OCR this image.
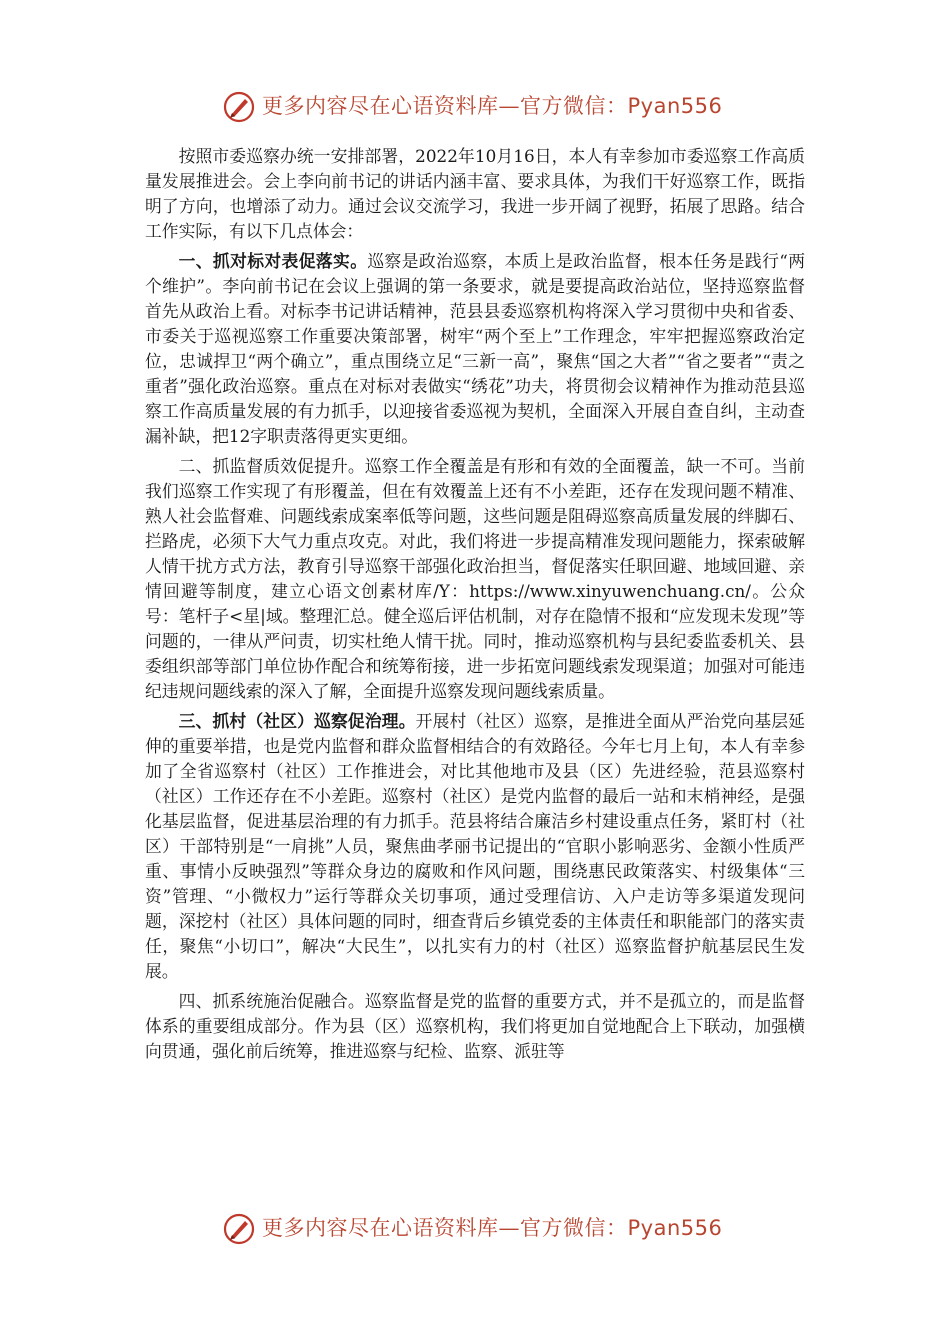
更多内容尽在心语资料库—官方微信：Pyan556

按照市委巡察办统一安排部署，2022年10月16日，本人有幸参加市委巡察工作高质量发展推进会。会上李向前书记的讲话内涵丰富、要求具体，为我们干好巡察工作，既指明了方向，也增添了动力。通过会议交流学习，我进一步开阔了视野，拓展了思路。结合工作实际，有以下几点体会：

一、抓对标对表促落实。巡察是政治巡察，本质上是政治监督，根本任务是践行“两个维护”。李向前书记在会议上强调的第一条要求，就是要提高政治站位，坚持巡察监督首先从政治上看。对标李书记讲话精神，范县县委巡察机构将深入学习贯彻中央和省委、市委关于巡视巡察工作重要决策部署，树牢“两个至上”工作理念，牢牢把握巡察政治定位，忠诚捍卫“两个确立”，重点围绕立足“三新一高”，聚焦“国之大者”“省之要者”“责之重者”强化政治巡察。重点在对标对表做实“绣花”功夫，将贯彻会议精神作为推动范县巡察工作高质量发展的有力抓手，以迎接省委巡视为契机，全面深入开展自查自纠，主动查漏补缺，把12字职责落得更实更细。

二、抓监督质效促提升。巡察工作全覆盖是有形和有效的全面覆盖，缺一不可。当前我们巡察工作实现了有形覆盖，但在有效覆盖上还有不小差距，还存在发现问题不精准、熟人社会监督难、问题线索成案率低等问题，这些问题是阻碍巡察高质量发展的绊脚石、拦路虎，必须下大气力重点攻克。对此，我们将进一步提高精准发现问题能力，探索破解人情干扰方式方法，教育引导巡察干部强化政治担当，督促落实任职回避、地域回避、亲情回避等制度，建立心语文创素材库/Y：https://www.xinyuwenchuang.cn/。公众号：笔杆子<星|域。整理汇总。健全巡后评估机制，对存在隐情不报和“应发现未发现”等问题的，一律从严问责，切实杜绝人情干扰。同时，推动巡察机构与县纪委监委机关、县委组织部等部门单位协作配合和统筹衔接，进一步拓宽问题线索发现渠道；加强对可能违纪违规问题线索的深入了解，全面提升巡察发现问题线索质量。

三、抓村（社区）巡察促治理。开展村（社区）巡察，是推进全面从严治党向基层延伸的重要举措，也是党内监督和群众监督相结合的有效路径。今年七月上旬，本人有幸参加了全省巡察村（社区）工作推进会，对比其他地市及县（区）先进经验，范县巡察村（社区）工作还存在不小差距。巡察村（社区）是党内监督的最后一站和末梢神经，是强化基层监督，促进基层治理的有力抓手。范县将结合廉洁乡村建设重点任务，紧盯村（社区）干部特别是“一肩挑”人员，聚焦曲孝丽书记提出的“官职小影响恶劣、金额小性质严重、事情小反映强烈”等群众身边的腐败和作风问题，围绕惠民政策落实、村级集体“三资”管理、“小微权力”运行等群众关切事项，通过受理信访、入户走访等多渠道发现问题，深挖村（社区）具体问题的同时，细查背后乡镇党委的主体责任和职能部门的落实责任，聚焦“小切口”，解决“大民生”，以扎实有力的村（社区）巡察监督护航基层民生发展。

四、抓系统施治促融合。巡察监督是党的监督的重要方式，并不是孤立的，而是监督体系的重要组成部分。作为县（区）巡察机构，我们将更加自觉地配合上下联动，加强横向贯通，强化前后统筹，推进巡察与纪检、监察、派驻等

更多内容尽在心语资料库—官方微信：Pyan556
